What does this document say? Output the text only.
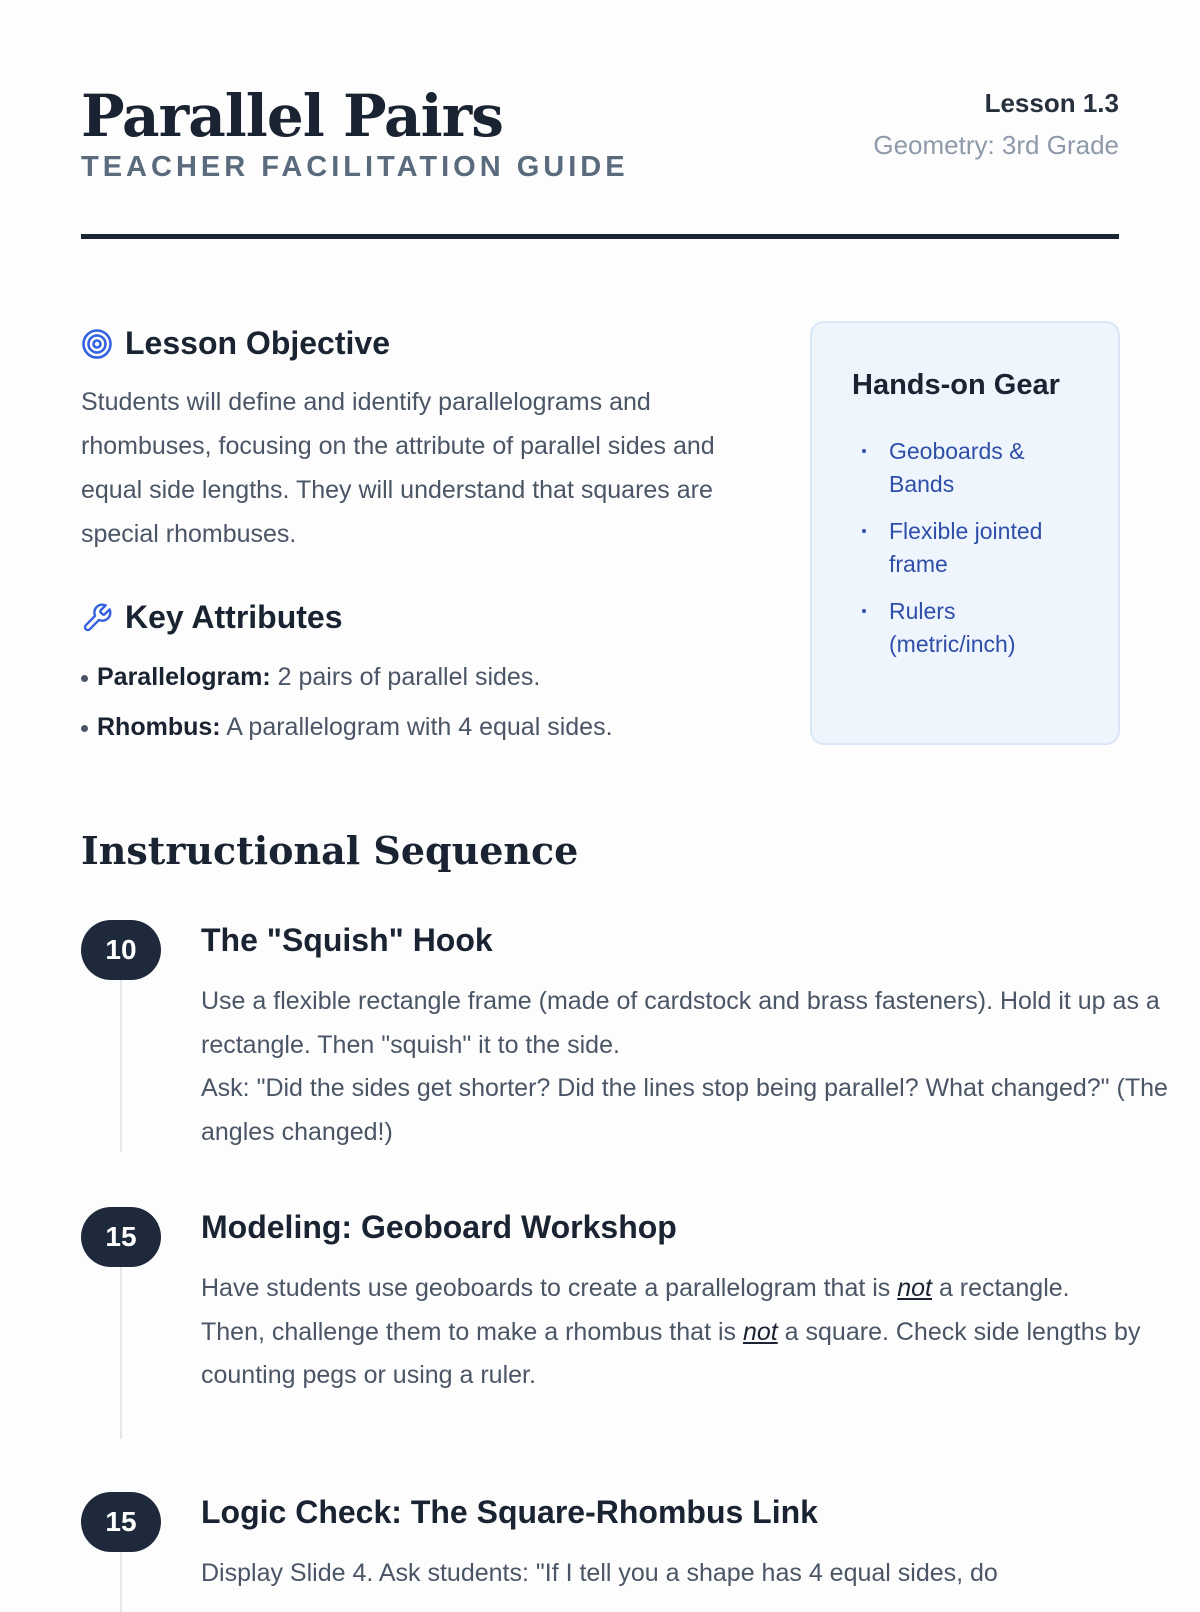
Parallel Pairs
TEACHER FACILITATION GUIDE
Lesson 1.3
Geometry: 3rd Grade
Lesson Objective
Students will define and identify parallelograms and rhombuses, focusing on the attribute of parallel sides and equal side lengths. They will understand that squares are special rhombuses.
Key Attributes
Parallelogram: 2 pairs of parallel sides.
Rhombus: A parallelogram with 4 equal sides.
Hands-on Gear
Geoboards & Bands
Flexible jointed frame
Rulers (metric/inch)
Instructional Sequence
10	The "Squish" Hook

Use a flexible rectangle frame (made of cardstock and brass fasteners). Hold it up as a rectangle. Then "squish" it to the side.

Ask: "Did the sides get shorter? Did the lines stop being parallel? What changed?" (The angles changed!)

15	Modeling: Geoboard Workshop

Have students use geoboards to create a parallelogram that is not a rectangle.

Then, challenge them to make a rhombus that is not a square. Check side lengths by counting pegs or using a ruler.

15	Logic Check: The Square-Rhombus Link

Display Slide 4. Ask students: "If I tell you a shape has 4 equal sides, do
